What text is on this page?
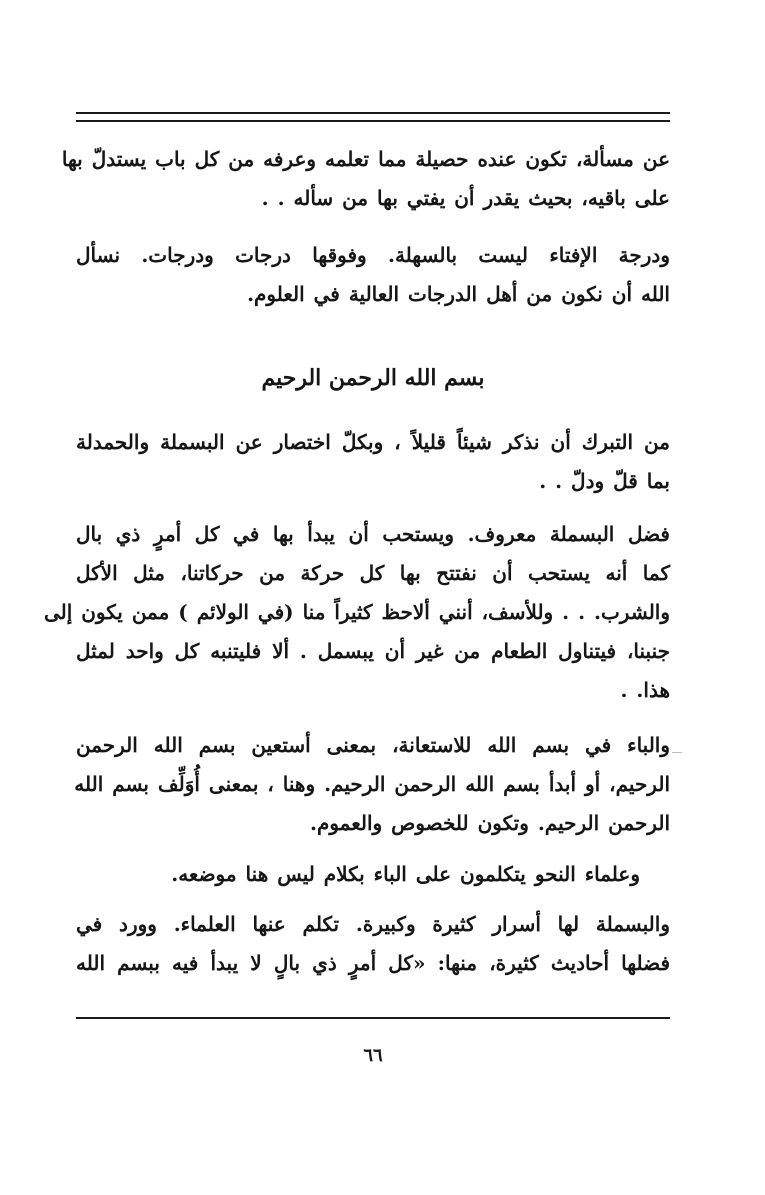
عن مسألة، تكون عنده حصيلة مما تعلمه وعرفه من كل باب يستدلّ بها
على باقيه، بحيث يقدر أن يفتي بها من سأله . .
ودرجة الإفتاء ليست بالسهلة. وفوقها درجات ودرجات. نسأل
الله أن نكون من أهل الدرجات العالية في العلوم.
بسم الله الرحمن الرحيم
من التبرك أن نذكر شيئاً قليلاً ، وبكلّ اختصار عن البسملة والحمدلة
بما قلّ ودلّ . .
فضل البسملة معروف. ويستحب أن يبدأ بها في كل أمرٍ ذي بال
كما أنه يستحب أن نفتتح بها كل حركة من حركاتنا، مثل الأكل
والشرب. . . وللأسف، أنني ألاحظ كثيراً منا (في الولائم ) ممن يكون إلى
جنبنا، فيتناول الطعام من غير أن يبسمل . ألا فليتنبه كل واحد لمثل
هذا. .
والباء في بسم الله للاستعانة، بمعنى أستعين بسم الله الرحمن
الرحيم، أو أبدأ بسم الله الرحمن الرحيم. وهنا ، بمعنى أُوَلِّف بسم الله
الرحمن الرحيم. وتكون للخصوص والعموم.
وعلماء النحو يتكلمون على الباء بكلام ليس هنا موضعه.
والبسملة لها أسرار كثيرة وكبيرة. تكلم عنها العلماء. وورد في
فضلها أحاديث كثيرة، منها: «كل أمرٍ ذي بالٍ لا يبدأ فيه ببسم الله
٦٦
